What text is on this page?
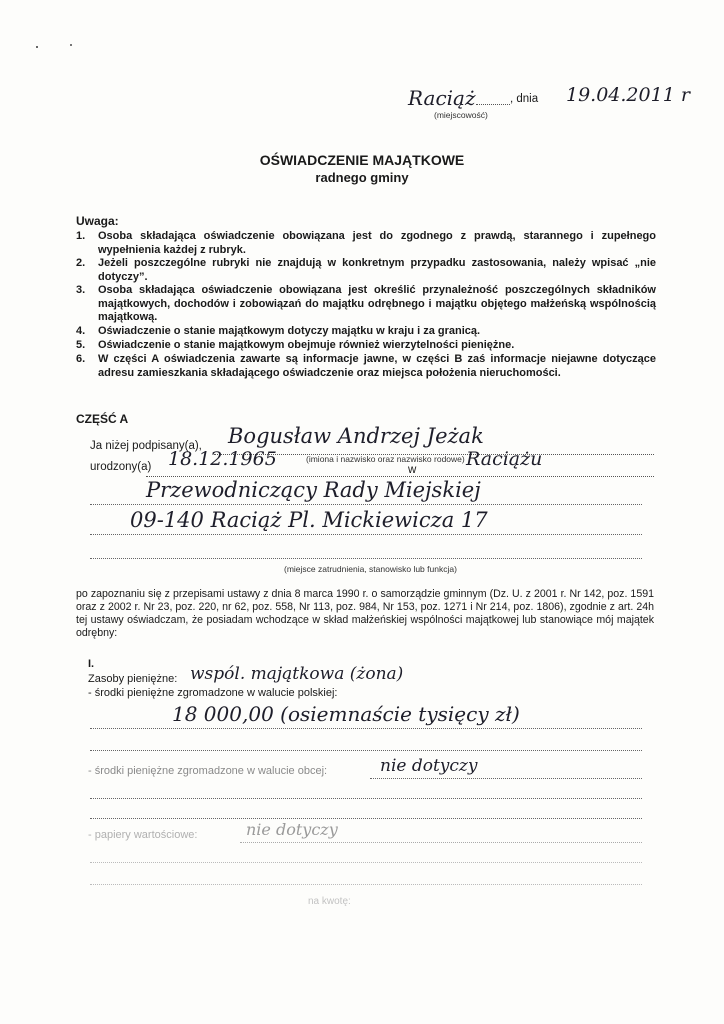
Raciąż	, dnia 19.04.2011 r
(miejscowość)
OŚWIADCZENIE MAJĄTKOWE
radnego gminy
Uwaga:
1.	Osoba składająca oświadczenie obowiązana jest do zgodnego z prawdą, starannego i zupełnego wypełnienia każdej z rubryk.
2.	Jeżeli poszczególne rubryki nie znajdują w konkretnym przypadku zastosowania, należy wpisać „nie dotyczy”.
3.	Osoba składająca oświadczenie obowiązana jest określić przynależność poszczególnych składników majątkowych, dochodów i zobowiązań do majątku odrębnego i majątku objętego małżeńską wspólnością majątkową.
4.	Oświadczenie o stanie majątkowym dotyczy majątku w kraju i za granicą.
5.	Oświadczenie o stanie majątkowym obejmuje również wierzytelności pieniężne.
6.	W części A oświadczenia zawarte są informacje jawne, w części B zaś informacje niejawne dotyczące adresu zamieszkania składającego oświadczenie oraz miejsca położenia nieruchomości.
CZĘŚĆ A
Ja niżej podpisany(a), Bogusław Andrzej Jeżak
urodzony(a) 18.12.1965	(imiona i nazwisko oraz nazwisko rodowe)
w	Raciążu
Przewodniczący Rady Miejskiej
09-140 Raciąż Pl. Mickiewicza 17
(miejsce zatrudnienia, stanowisko lub funkcja)
po zapoznaniu się z przepisami ustawy z dnia 8 marca 1990 r. o samorządzie gminnym (Dz. U. z 2001 r. Nr 142, poz. 1591 oraz z 2002 r. Nr 23, poz. 220, nr 62, poz. 558, Nr 113, poz. 984, Nr 153, poz. 1271 i Nr 214, poz. 1806), zgodnie z art. 24h tej ustawy oświadczam, że posiadam wchodzące w skład małżeńskiej wspólności majątkowej lub stanowiące mój majątek odrębny:
I.
Zasoby pieniężne: wspól. majątkowa (żona)
- środki pieniężne zgromadzone w walucie polskiej:
18 000,00 (osiemnaście tysięcy zł)
- środki pieniężne zgromadzone w walucie obcej:	nie dotyczy
- papiery wartościowe:	nie dotyczy
na kwotę:
